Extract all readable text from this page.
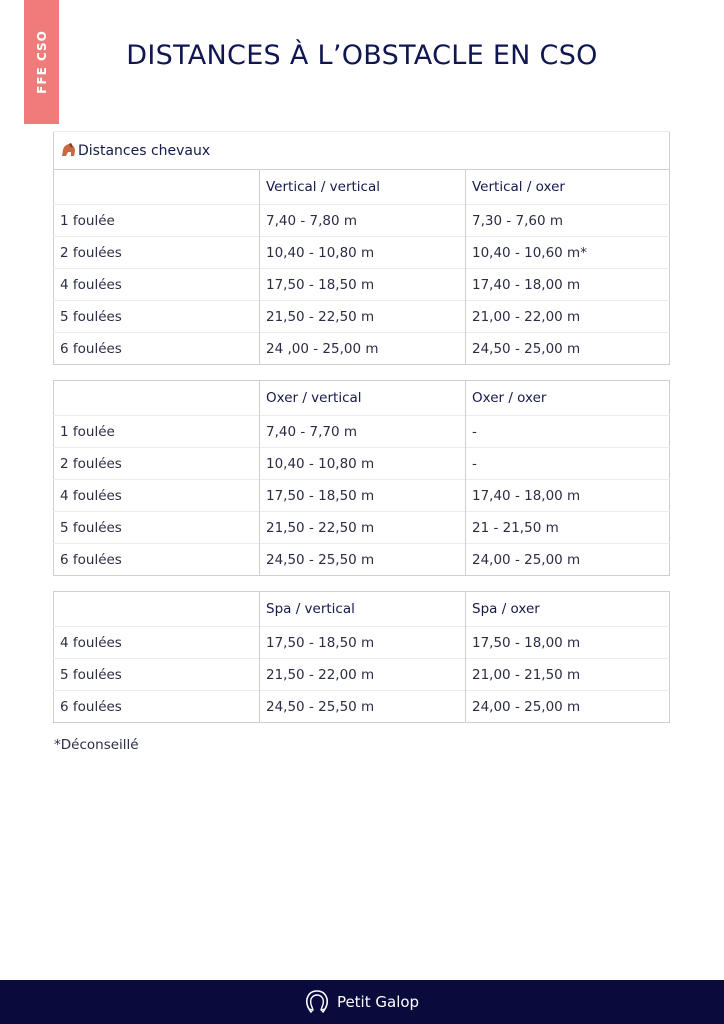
FFE CSO	DISTANCES À L’OBSTACLE EN CSO
Distances chevaux		
	Vertical / vertical	Vertical / oxer
1 foulée	7,40 - 7,80 m	7,30 - 7,60 m
2 foulées	10,40 - 10,80 m	10,40 - 10,60 m*
4 foulées	17,50 - 18,50 m	17,40 - 18,00 m
5 foulées	21,50 - 22,50 m	21,00 - 22,00 m
6 foulées	24 ,00 - 25,00 m	24,50 - 25,00 m
	Oxer / vertical	Oxer / oxer
1 foulée	7,40 - 7,70 m	-
2 foulées	10,40 - 10,80 m	-
4 foulées	17,50 - 18,50 m	17,40 - 18,00 m
5 foulées	21,50 - 22,50 m	21 - 21,50 m
6 foulées	24,50 - 25,50 m	24,00 - 25,00 m
	Spa / vertical	Spa / oxer
4 foulées	17,50 - 18,50 m	17,50 - 18,00 m
5 foulées	21,50 - 22,00 m	21,00 - 21,50 m
6 foulées	24,50 - 25,50 m	24,00 - 25,00 m
*Déconseillé
Petit Galop
